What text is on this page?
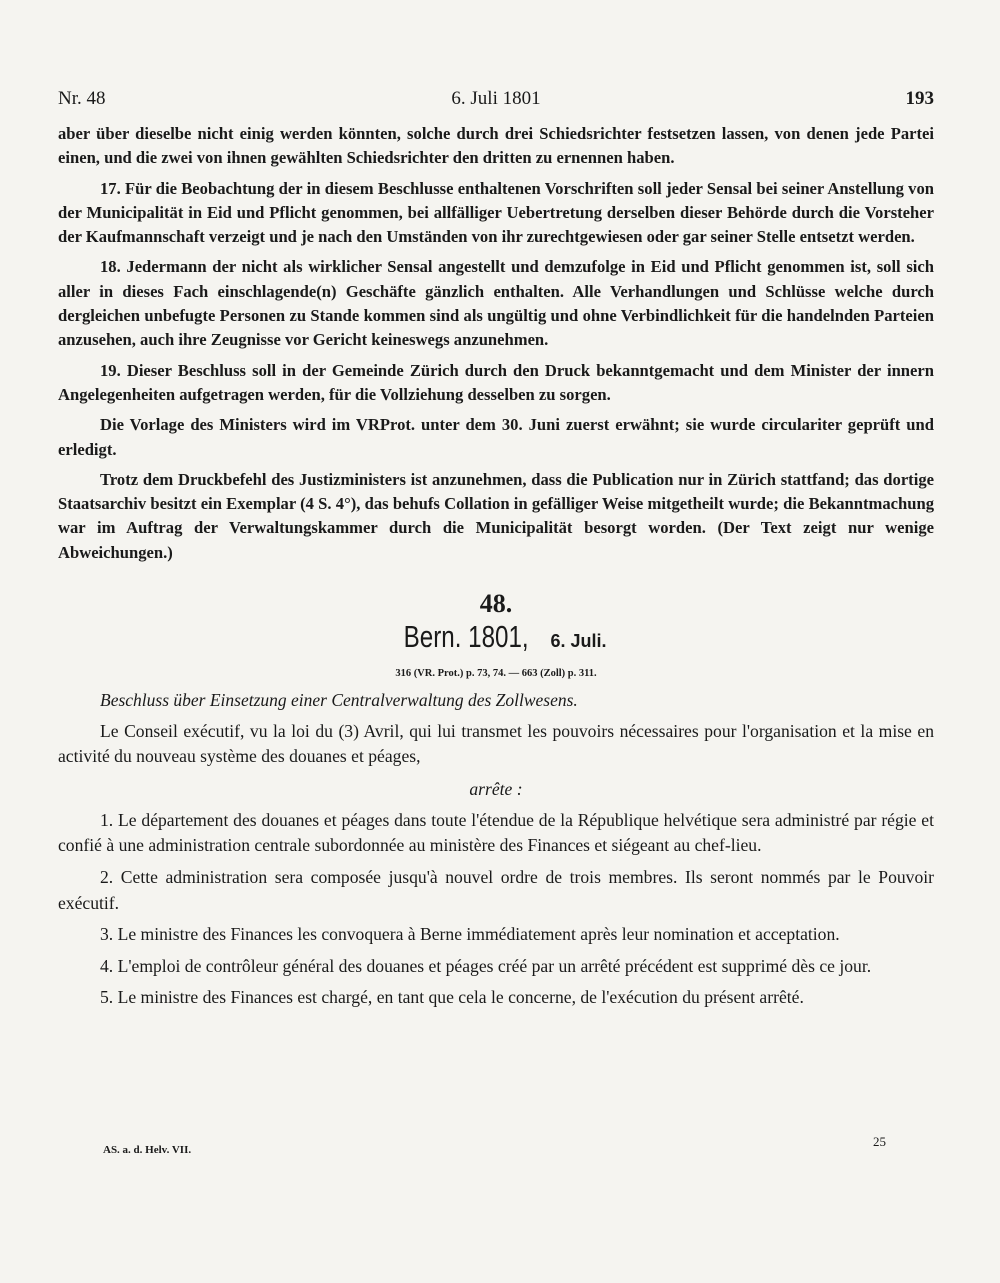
Nr. 48	6. Juli 1801	193

aber über dieselbe nicht einig werden könnten, solche durch drei Schiedsrichter festsetzen lassen, von denen jede Partei einen, und die zwei von ihnen gewählten Schiedsrichter den dritten zu ernennen haben.

17. Für die Beobachtung der in diesem Beschlusse enthaltenen Vorschriften soll jeder Sensal bei seiner Anstellung von der Municipalität in Eid und Pflicht genommen, bei allfälliger Uebertretung derselben dieser Behörde durch die Vorsteher der Kaufmannschaft verzeigt und je nach den Umständen von ihr zurechtgewiesen oder gar seiner Stelle entsetzt werden.

18. Jedermann der nicht als wirklicher Sensal angestellt und demzufolge in Eid und Pflicht genommen ist, soll sich aller in dieses Fach einschlagende(n) Geschäfte gänzlich enthalten. Alle Verhandlungen und Schlüsse welche durch dergleichen unbefugte Personen zu Stande kommen sind als ungültig und ohne Verbindlichkeit für die handelnden Parteien anzusehen, auch ihre Zeugnisse vor Gericht keineswegs anzunehmen.

19. Dieser Beschluss soll in der Gemeinde Zürich durch den Druck bekanntgemacht und dem Minister der innern Angelegenheiten aufgetragen werden, für die Vollziehung desselben zu sorgen.

Die Vorlage des Ministers wird im VRProt. unter dem 30. Juni zuerst erwähnt; sie wurde circulariter geprüft und erledigt.

Trotz dem Druckbefehl des Justizministers ist anzunehmen, dass die Publication nur in Zürich stattfand; das dortige Staatsarchiv besitzt ein Exemplar (4 S. 4°), das behufs Collation in gefälliger Weise mitgetheilt wurde; die Bekanntmachung war im Auftrag der Verwaltungskammer durch die Municipalität besorgt worden. (Der Text zeigt nur wenige Abweichungen.)

48.
Bern. 1801, 6. Juli.
316 (VR. Prot.) p. 73, 74. — 663 (Zoll) p. 311.
Beschluss über Einsetzung einer Centralverwaltung des Zollwesens.

Le Conseil exécutif, vu la loi du (3) Avril, qui lui transmet les pouvoirs nécessaires pour l'organisation et la mise en activité du nouveau système des douanes et péages,

arrête :

1. Le département des douanes et péages dans toute l'étendue de la République helvétique sera administré par régie et confié à une administration centrale subordonnée au ministère des Finances et siégeant au chef-lieu.

2. Cette administration sera composée jusqu'à nouvel ordre de trois membres. Ils seront nommés par le Pouvoir exécutif.

3. Le ministre des Finances les convoquera à Berne immédiatement après leur nomination et acceptation.

4. L'emploi de contrôleur général des douanes et péages créé par un arrêté précédent est supprimé dès ce jour.

5. Le ministre des Finances est chargé, en tant que cela le concerne, de l'exécution du présent arrêté.

AS. a. d. Helv. VII.
25
